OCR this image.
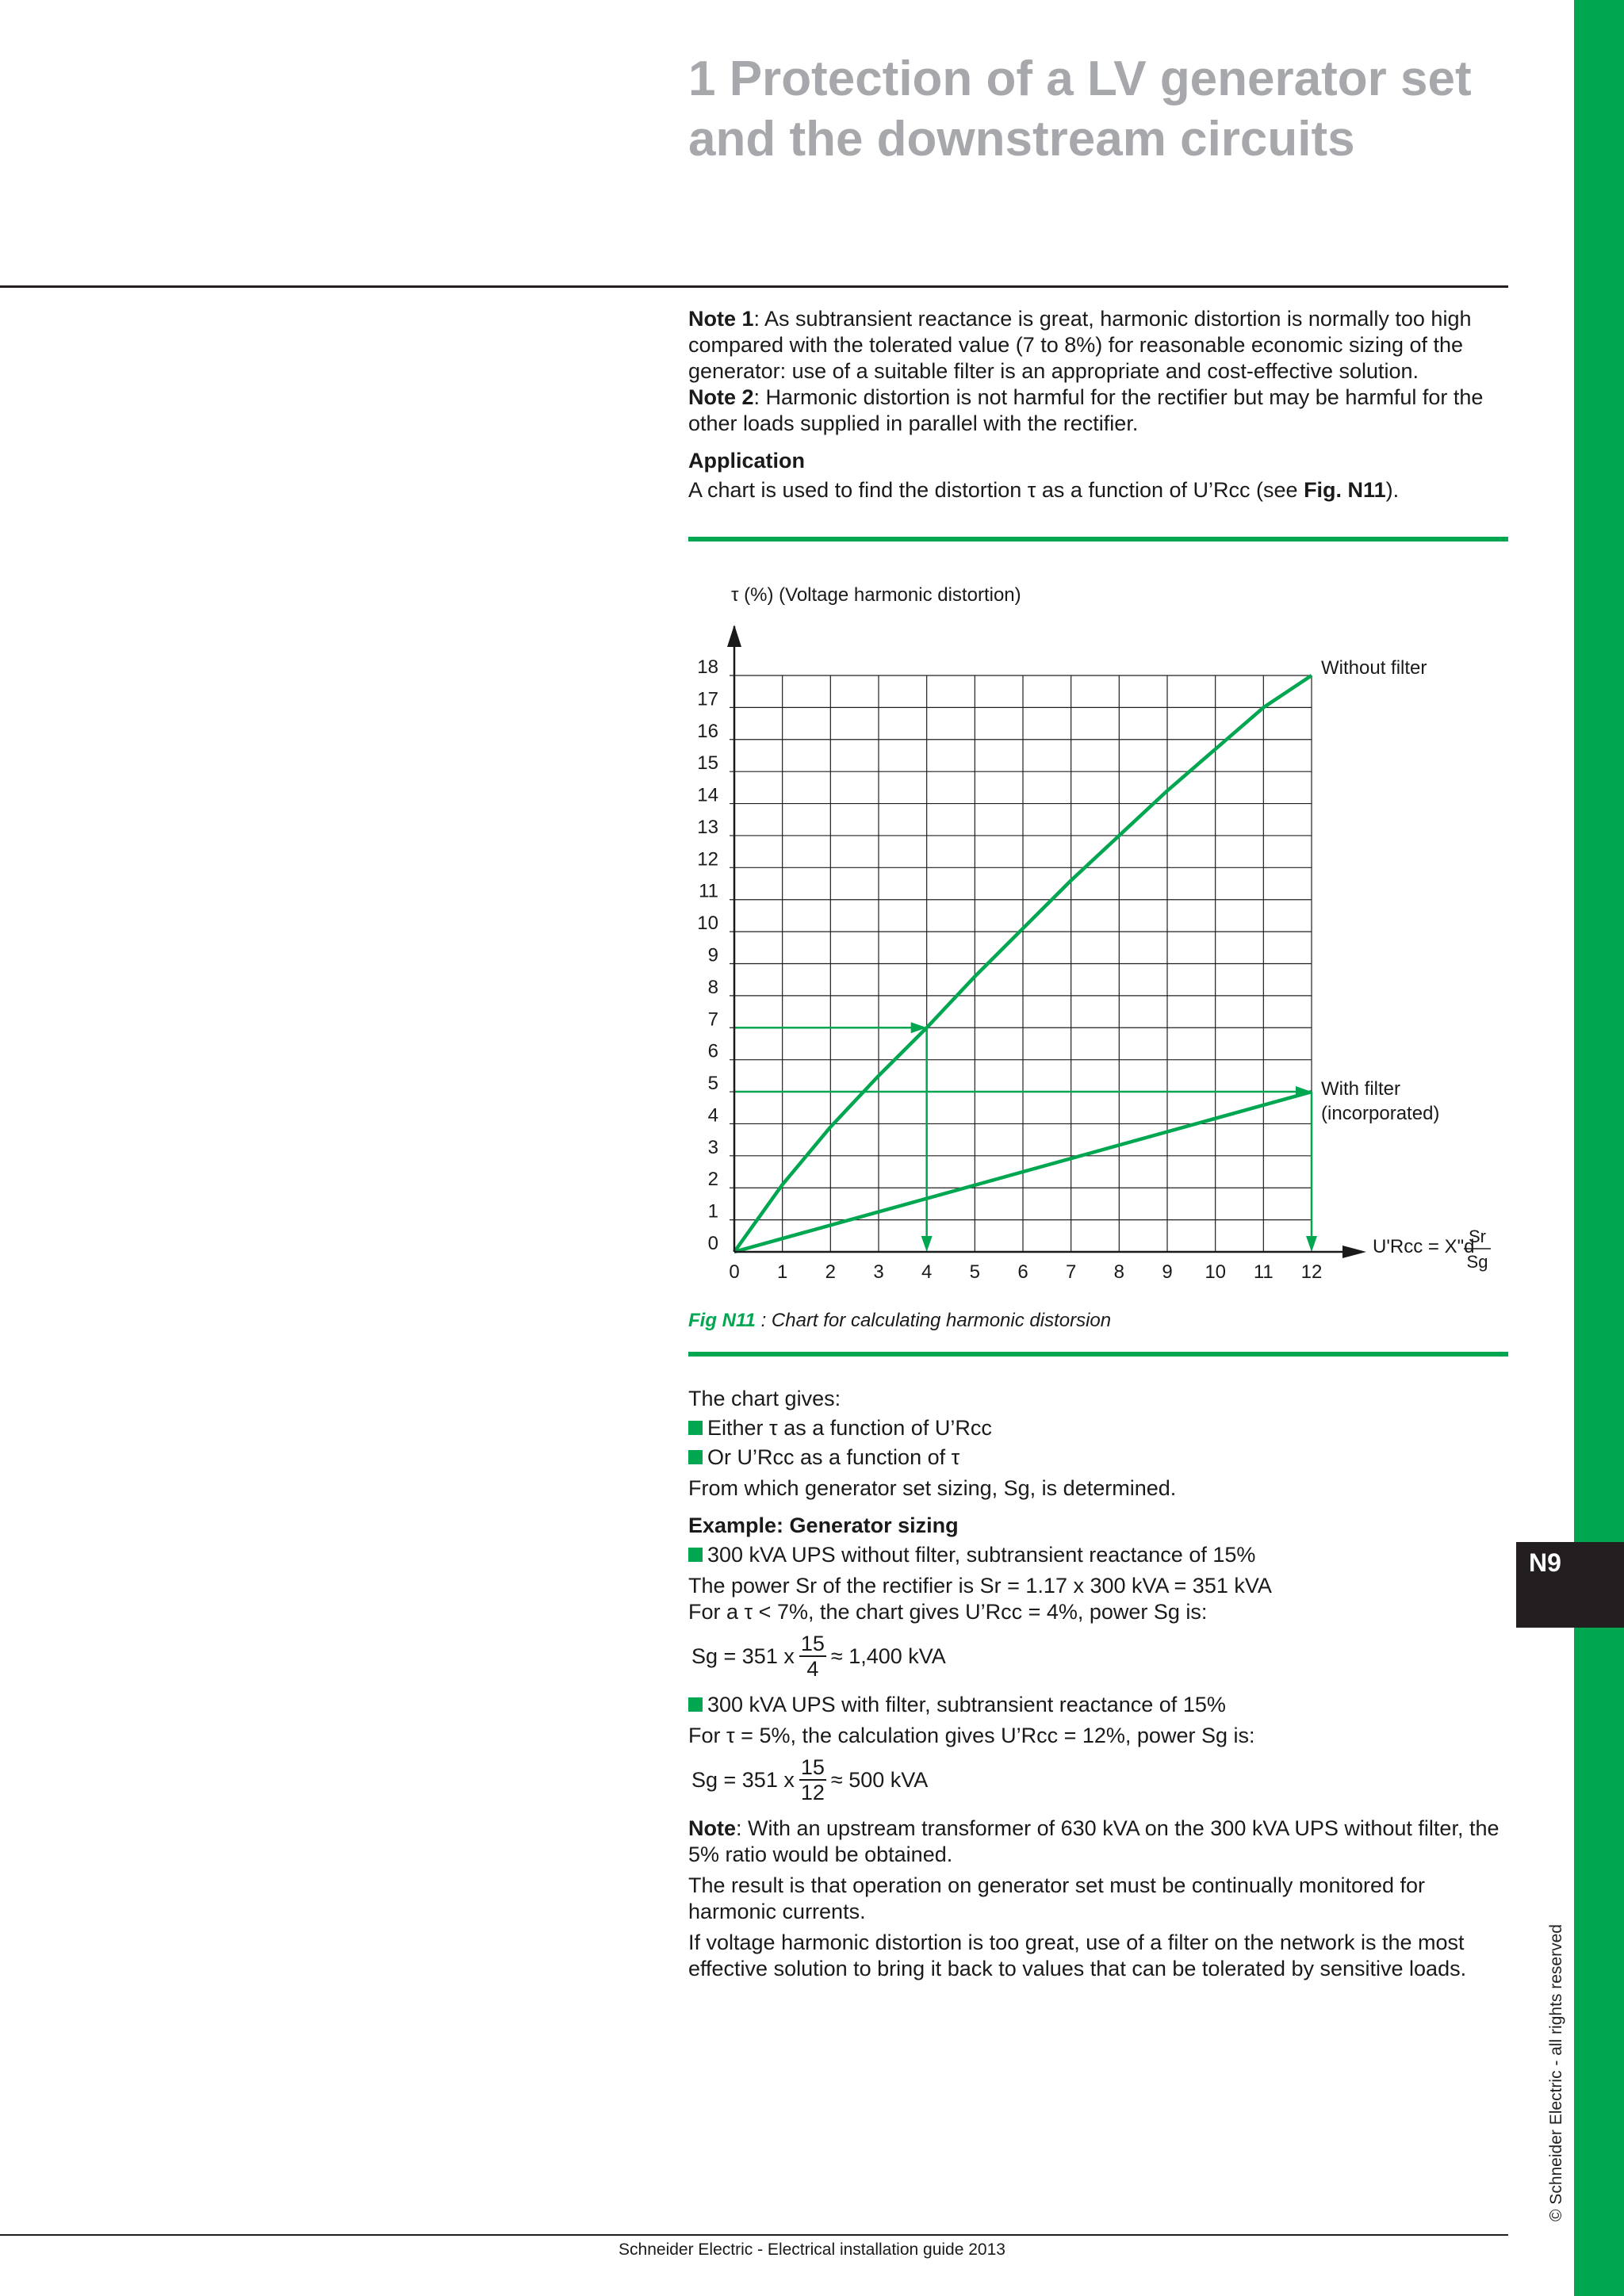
N9
© Schneider Electric - all rights reserved
1 Protection of a LV generator set
and the downstream circuits

Note 1: As subtransient reactance is great, harmonic distortion is normally too high compared with the tolerated value (7 to 8%) for reasonable economic sizing of the generator: use of a suitable filter is an appropriate and cost-effective solution.

Note 2: Harmonic distortion is not harmful for the rectifier but may be harmful for the other loads supplied in parallel with the rectifier.

Application

A chart is used to find the distortion τ as a function of U’Rcc (see Fig. N11).

0 1 2 3 4 5 6 7 8 9 10 11 12
0
1
2
3
4
5
6
7
8
9
10
11
12
13
14
15
16
17
18
τ (%) (Voltage harmonic distortion)
U'Rcc = X"d
Sr
Sg
Without filter
With filter
(incorporated)
Fig N11 : Chart for calculating harmonic distorsion

The chart gives:

Either τ as a function of U’Rcc

Or U’Rcc as a function of τ

From which generator set sizing, Sg, is determined.

Example: Generator sizing

300 kVA UPS without filter, subtransient reactance of 15%

The power Sr of the rectifier is Sr = 1.17 x 300 kVA = 351 kVA

For a τ < 7%, the chart gives U’Rcc = 4%, power Sg is:

Sg = 351 x $\frac{15}{4} \approx 1,400$ kVA

300 kVA UPS with filter, subtransient reactance of 15%

For τ = 5%, the calculation gives U’Rcc = 12%, power Sg is:

Sg = 351 x $\frac{15}{12} \approx 500$ kVA

Note: With an upstream transformer of 630 kVA on the 300 kVA UPS without filter, the 5% ratio would be obtained.

The result is that operation on generator set must be continually monitored for harmonic currents.

If voltage harmonic distortion is too great, use of a filter on the network is the most effective solution to bring it back to values that can be tolerated by sensitive loads.

Schneider Electric - Electrical installation guide 2013
